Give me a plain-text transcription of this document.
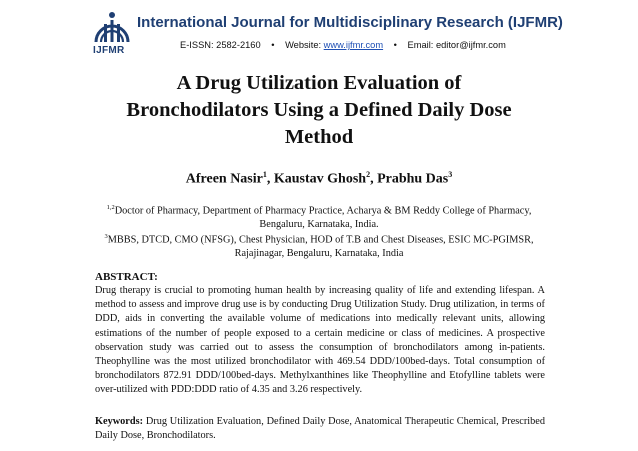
IJFMR
International Journal for Multidisciplinary Research (IJFMR)
E-ISSN: 2582-2160 • Website: www.ijfmr.com • Email: editor@ijfmr.com
A Drug Utilization Evaluation of
Bronchodilators Using a Defined Daily Dose
Method
Afreen Nasir$^1$, Kaustav Ghosh$^2$, Prabhu Das$^3$
$^{1,2}$Doctor of Pharmacy, Department of Pharmacy Practice, Acharya & BM Reddy College of Pharmacy,
Bengaluru, Karnataka, India.
$^3$MBBS, DTCD, CMO (NFSG), Chest Physician, HOD of T.B and Chest Diseases, ESIC MC-PGIMSR,
Rajajinagar, Bengaluru, Karnataka, India
ABSTRACT:
Drug therapy is crucial to promoting human health by increasing quality of life and extending lifespan. A method to assess and improve drug use is by conducting Drug Utilization Study. Drug utilization, in terms of DDD, aids in converting the available volume of medications into medically relevant units, allowing estimations of the number of people exposed to a certain medicine or class of medicines. A prospective observation study was carried out to assess the consumption of bronchodilators among in-patients. Theophylline was the most utilized bronchodilator with 469.54 DDD/100bed-days. Total consumption of bronchodilators 872.91 DDD/100bed-days. Methylxanthines like Theophylline and Etofylline tablets were over-utilized with PDD:DDD ratio of 4.35 and 3.26 respectively.
Keywords: Drug Utilization Evaluation, Defined Daily Dose, Anatomical Therapeutic Chemical, Prescribed Daily Dose, Bronchodilators.
